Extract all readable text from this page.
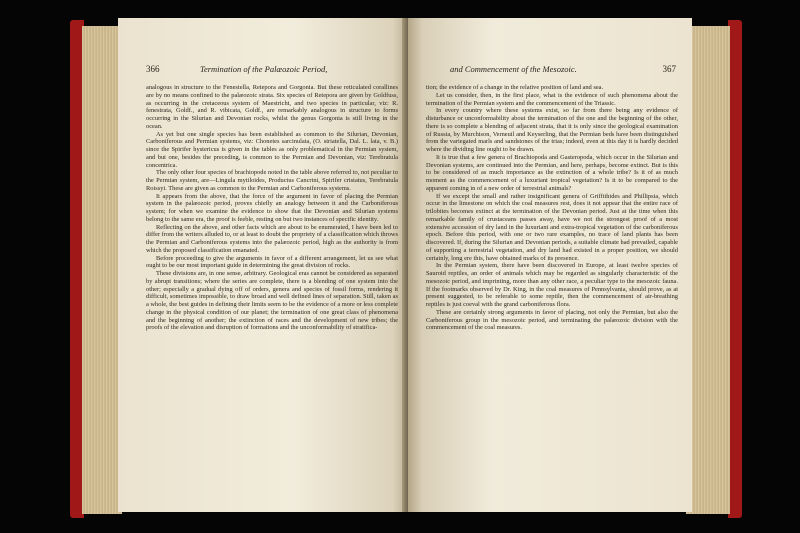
366	Termination of the Palæozoic Period,

analogous in structure to the Fenestella, Retepora and Gorgonia. But these reticulated corallines are by no means confined to the palæozoic strata. Six species of Retepora are given by Goldfuss, as occurring in the cretaceous system of Maestricht, and two species in particular, viz: R. fenestrata, Goldf., and R. vibicata, Goldf., are remarkably analogous in structure to forms occurring in the Silurian and Devonian rocks, whilst the genus Gorgonia is still living in the ocean.

As yet but one single species has been established as common to the Silurian, Devonian, Carboniferous and Permian systems, viz: Chonetes sarcinulata, (O. striatella, Dal. L. lata, v. B.) since the Spirifer hystericus is given in the tables as only problematical in the Permian system, and but one, besides the preceding, is common to the Permian and Devonian, viz: Terebratula concentrica.

The only other four species of brachiopode noted in the table above referred to, not peculiar to the Permian system, are—Lingula mytiloides, Productus Cancrini, Spirifer cristatus, Terebratula Roissyi. These are given as common to the Permian and Carboniferous systems.

It appears from the above, that the force of the argument in favor of placing the Permian system in the palæozoic period, proves chiefly an analogy between it and the Carboniferous system; for when we examine the evidence to show that the Devonian and Silurian systems belong to the same era, the proof is feeble, resting on but two instances of specific identity.

Reflecting on the above, and other facts which are about to be enumerated, I have been led to differ from the writers alluded to, or at least to doubt the propriety of a classification which throws the Permian and Carboniferous systems into the palæozoic period, high as the authority is from which the proposed classification emanated.

Before proceeding to give the arguments in favor of a different arrangement, let us see what ought to be our most important guide in determining the great division of rocks.

These divisions are, in one sense, arbitrary. Geological eras cannot be considered as separated by abrupt transitions; where the series are complete, there is a blending of one system into the other; especially a gradual dying off of orders, genera and species of fossil forms, rendering it difficult, sometimes impossible, to draw broad and well defined lines of separation. Still, taken as a whole, the best guides in defining their limits seem to be the evidence of a more or less complete change in the physical condition of our planet; the termination of one great class of phenomena and the beginning of another; the extinction of races and the development of new tribes; the proofs of the elevation and disruption of formations and the unconformability of stratifica-

and Commencement of the Mesozoic.	367

tion; the evidence of a change in the relative position of land and sea.

Let us consider, then, in the first place, what is the evidence of such phenomena about the termination of the Permian system and the commencement of the Triassic.

In every country where these systems exist, so far from there being any evidence of disturbance or unconformability about the termination of the one and the beginning of the other, there is so complete a blending of adjacent strata, that it is only since the geological examination of Russia, by Murchison, Verneuil and Keyserling, that the Permian beds have been distinguished from the variegated marls and sandstones of the trias; indeed, even at this day it is hardly decided where the dividing line ought to be drawn.

It is true that a few genera of Brachiopoda and Gasteropoda, which occur in the Silurian and Devonian systems, are continued into the Permian, and here, perhaps, become extinct. But is this to be considered of as much importance as the extinction of a whole tribe? Is it of as much moment as the commencement of a luxuriant tropical vegetation? Is it to be compared to the apparent coming in of a new order of terrestrial animals?

If we except the small and rather insignificant genera of Griffithides and Phillipsia, which occur in the limestone on which the coal measures rest, does it not appear that the entire race of trilobites becomes extinct at the termination of the Devonian period. Just at the time when this remarkable family of crustaceans passes away, have we not the strongest proof of a most extensive accession of dry land in the luxuriant and extra-tropical vegetation of the carboniferous epoch. Before this period, with one or two rare examples, no trace of land plants has been discovered. If, during the Silurian and Devonian periods, a suitable climate had prevailed, capable of supporting a terrestrial vegetation, and dry land had existed in a proper position, we should certainly, long ere this, have obtained marks of its presence.

In the Permian system, there have been discovered in Europe, at least twelve species of Sauroid reptiles, an order of animals which may be regarded as singularly characteristic of the mesozoic period, and imprinting, more than any other race, a peculiar type to the mesozoic fauna. If the footmarks observed by Dr. King, in the coal measures of Pennsylvania, should prove, as at present suggested, to be referable to some reptile, then the commencement of air-breathing reptiles is just coeval with the grand carboniferous flora.

These are certainly strong arguments in favor of placing, not only the Permian, but also the Carboniferous group in the mesozoic period, and terminating the palæozoic division with the commencement of the coal measures.
